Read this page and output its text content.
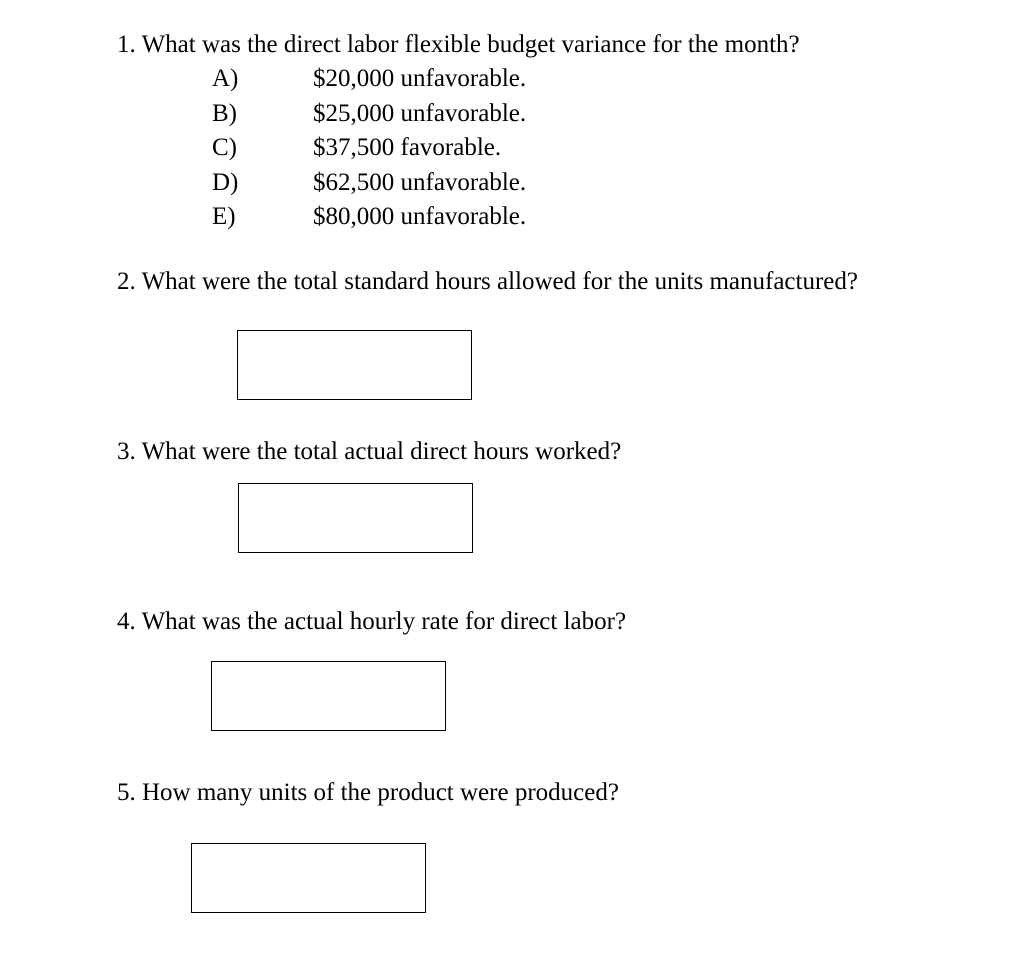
1. What was the direct labor flexible budget variance for the month?
A)	$20,000 unfavorable.
B)	$25,000 unfavorable.
C)	$37,500 favorable.
D)	$62,500 unfavorable.
E)	$80,000 unfavorable.
2. What were the total standard hours allowed for the units manufactured?
3. What were the total actual direct hours worked?
4. What was the actual hourly rate for direct labor?
5. How many units of the product were produced?
